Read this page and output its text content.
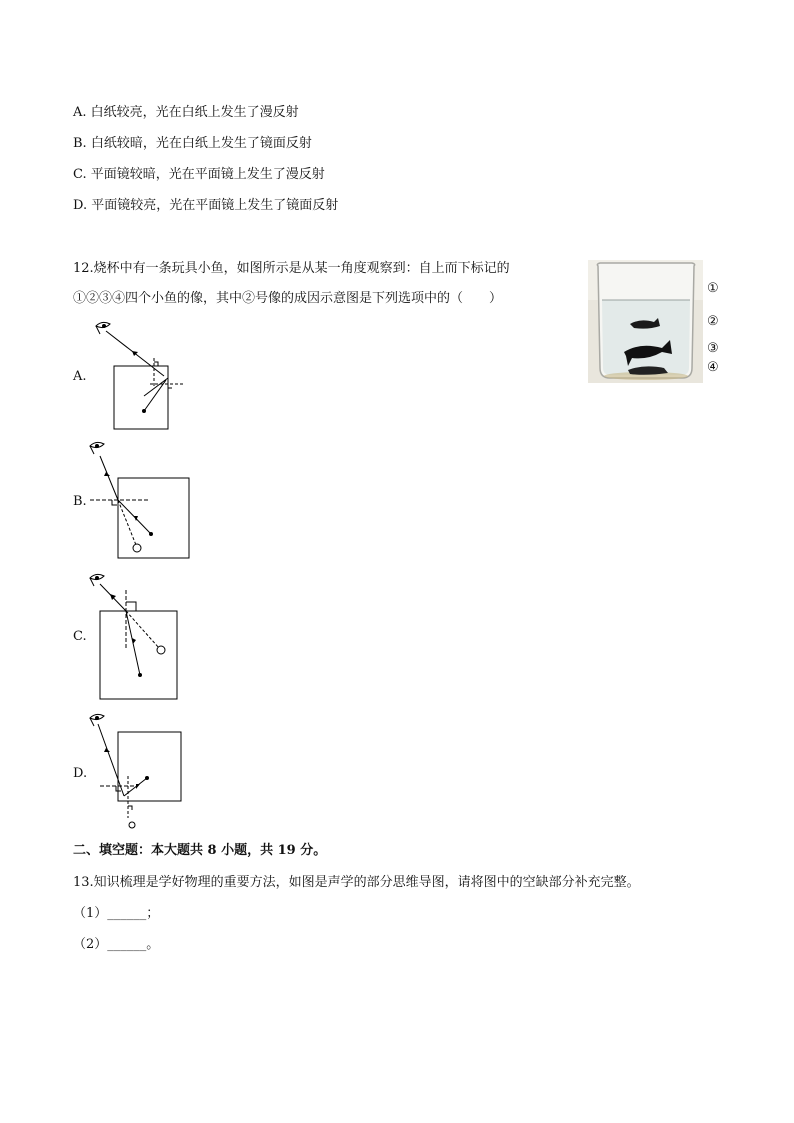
A. 白纸较亮，光在白纸上发生了漫反射
B. 白纸较暗，光在白纸上发生了镜面反射
C. 平面镜较暗，光在平面镜上发生了漫反射
D. 平面镜较亮，光在平面镜上发生了镜面反射
12.烧杯中有一条玩具小鱼，如图所示是从某一角度观察到：自上而下标记的
①②③④四个小鱼的像，其中②号像的成因示意图是下列选项中的（　　）
①
②
③
④
A.
B.
C.
D.
二、填空题：本大题共 8 小题，共 19 分。
13.知识梳理是学好物理的重要方法，如图是声学的部分思维导图，请将图中的空缺部分补充完整。
（1）______；
（2）______。
